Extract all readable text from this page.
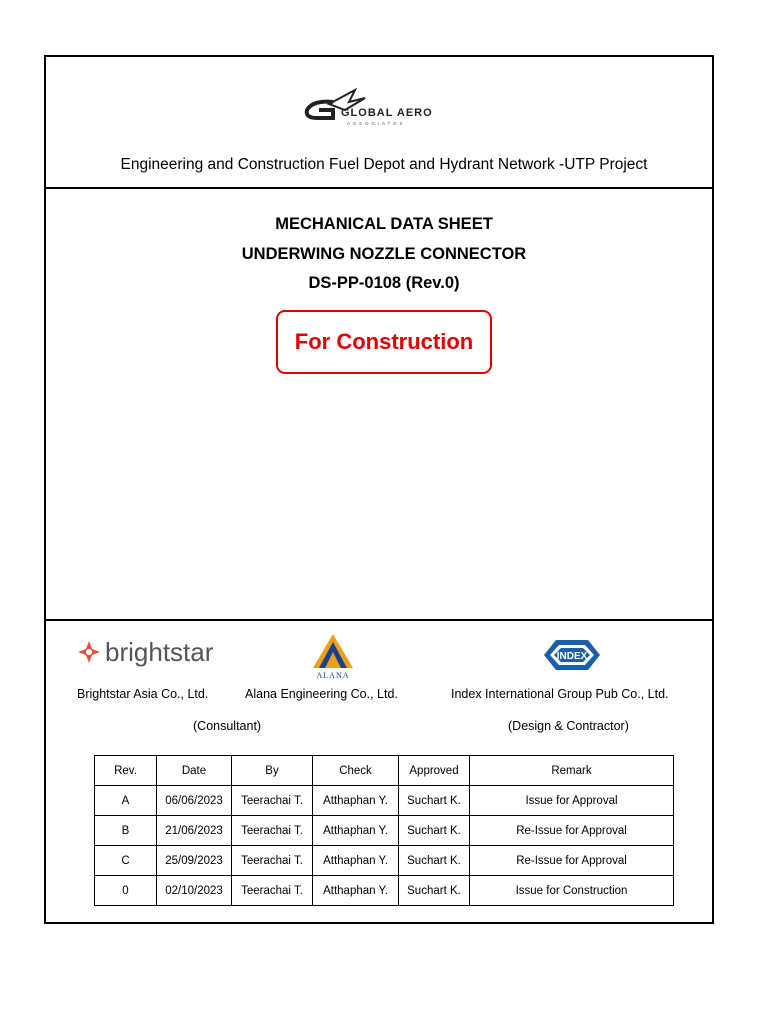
GLOBAL AERO
ASSOCIATES
Engineering and Construction Fuel Depot and Hydrant Network -UTP Project
MECHANICAL DATA SHEET
UNDERWING NOZZLE CONNECTOR
DS-PP-0108 (Rev.0)
For Construction
brightstar
ALANA
INDEX
Brightstar Asia Co., Ltd.	Alana Engineering Co., Ltd.	Index International Group Pub Co., Ltd.
(Consultant)	(Design & Contractor)
Rev.	Date	By	Check	Approved	Remark
A	06/06/2023	Teerachai T.	Atthaphan Y.	Suchart K.	Issue for Approval
B	21/06/2023	Teerachai T.	Atthaphan Y.	Suchart K.	Re-Issue for Approval
C	25/09/2023	Teerachai T.	Atthaphan Y.	Suchart K.	Re-Issue for Approval
0	02/10/2023	Teerachai T.	Atthaphan Y.	Suchart K.	Issue for Construction
